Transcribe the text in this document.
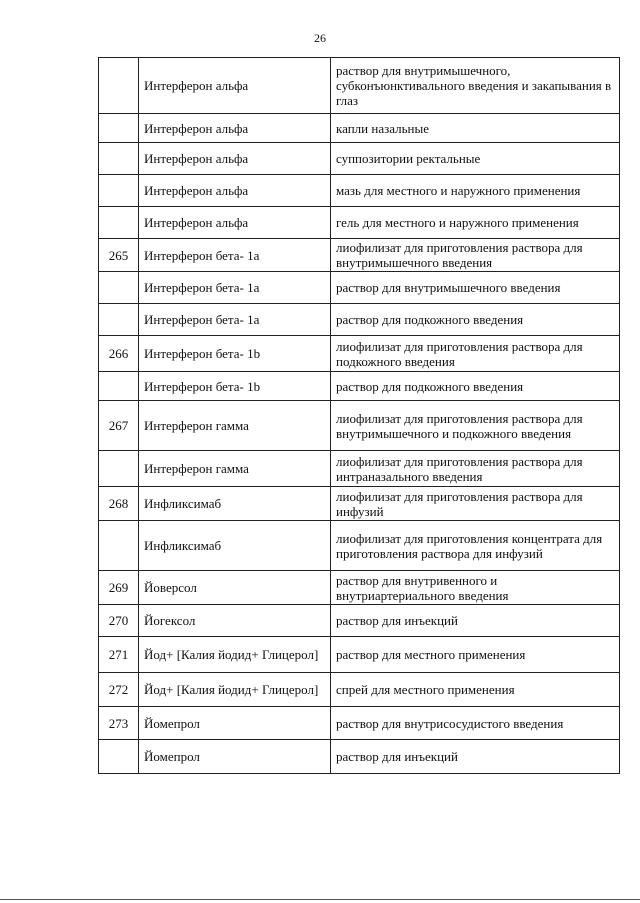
26
	Интерферон альфа	раствор для внутримышечного, субконъюнктивального введения и закапывания в глаз
	Интерферон альфа	капли назальные
	Интерферон альфа	суппозитории ректальные
	Интерферон альфа	мазь для местного и наружного применения
	Интерферон альфа	гель для местного и наружного применения
265	Интерферон бета- 1a	лиофилизат для приготовления раствора для внутримышечного введения
	Интерферон бета- 1a	раствор для внутримышечного введения
	Интерферон бета- 1a	раствор для подкожного введения
266	Интерферон бета- 1b	лиофилизат для приготовления раствора для подкожного введения
	Интерферон бета- 1b	раствор для подкожного введения
267	Интерферон гамма	лиофилизат для приготовления раствора для внутримышечного и подкожного введения
	Интерферон гамма	лиофилизат для приготовления раствора для интраназального введения
268	Инфликсимаб	лиофилизат для приготовления раствора для инфузий
	Инфликсимаб	лиофилизат для приготовления концентрата для приготовления раствора для инфузий
269	Йоверсол	раствор для внутривенного и внутриартериального введения
270	Йогексол	раствор для инъекций
271	Йод+ [Калия йодид+ Глицерол]	раствор для местного применения
272	Йод+ [Калия йодид+ Глицерол]	спрей для местного применения
273	Йомепрол	раствор для внутрисосудистого введения
	Йомепрол	раствор для инъекций
